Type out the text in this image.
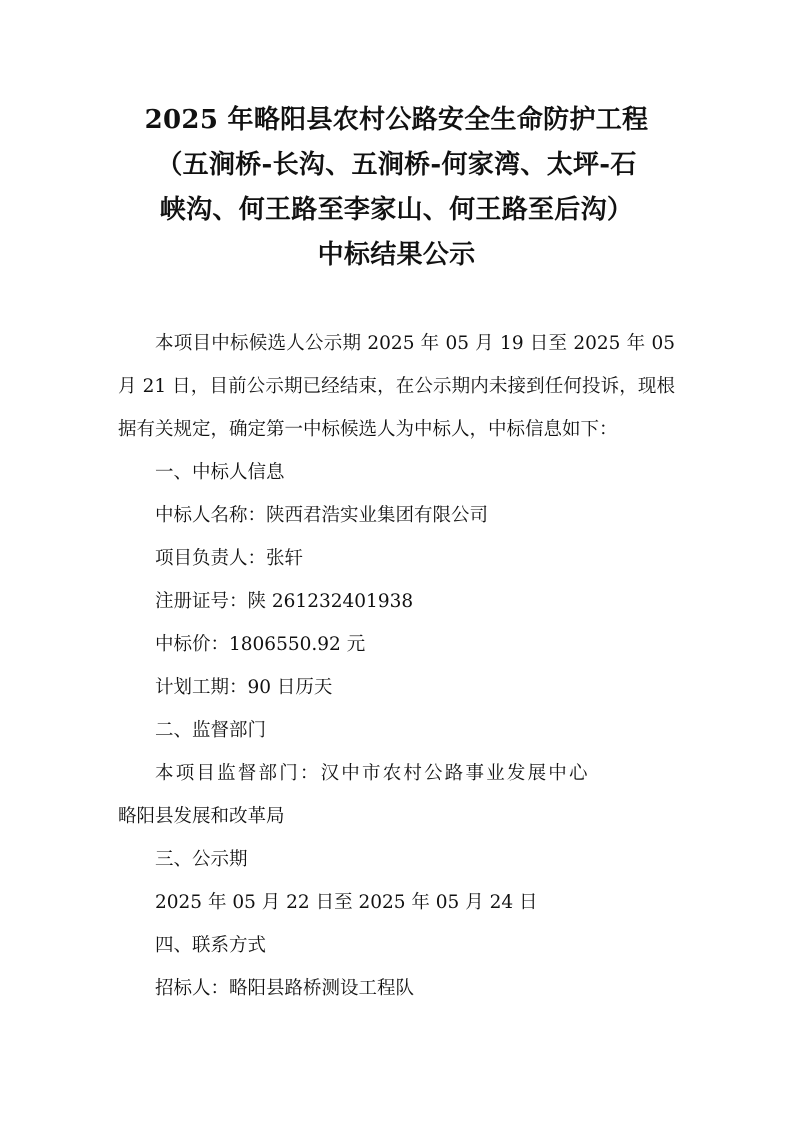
2025 年略阳县农村公路安全生命防护工程
（五涧桥-长沟、五涧桥-何家湾、太坪-石
峡沟、何王路至李家山、何王路至后沟）
中标结果公示

本项目中标候选人公示期 2025 年 05 月 19 日至 2025 年 05 月 21 日，目前公示期已经结束，在公示期内未接到任何投诉，现根据有关规定，确定第一中标候选人为中标人，中标信息如下：

一、中标人信息

中标人名称：陕西君浩实业集团有限公司

项目负责人：张轩

注册证号：陕 261232401938

中标价：1806550.92 元

计划工期：90 日历天

二、监督部门

本项目监督部门：汉中市农村公路事业发展中心

略阳县发展和改革局

三、公示期

2025 年 05 月 22 日至 2025 年 05 月 24 日

四、联系方式

招标人：略阳县路桥测设工程队
